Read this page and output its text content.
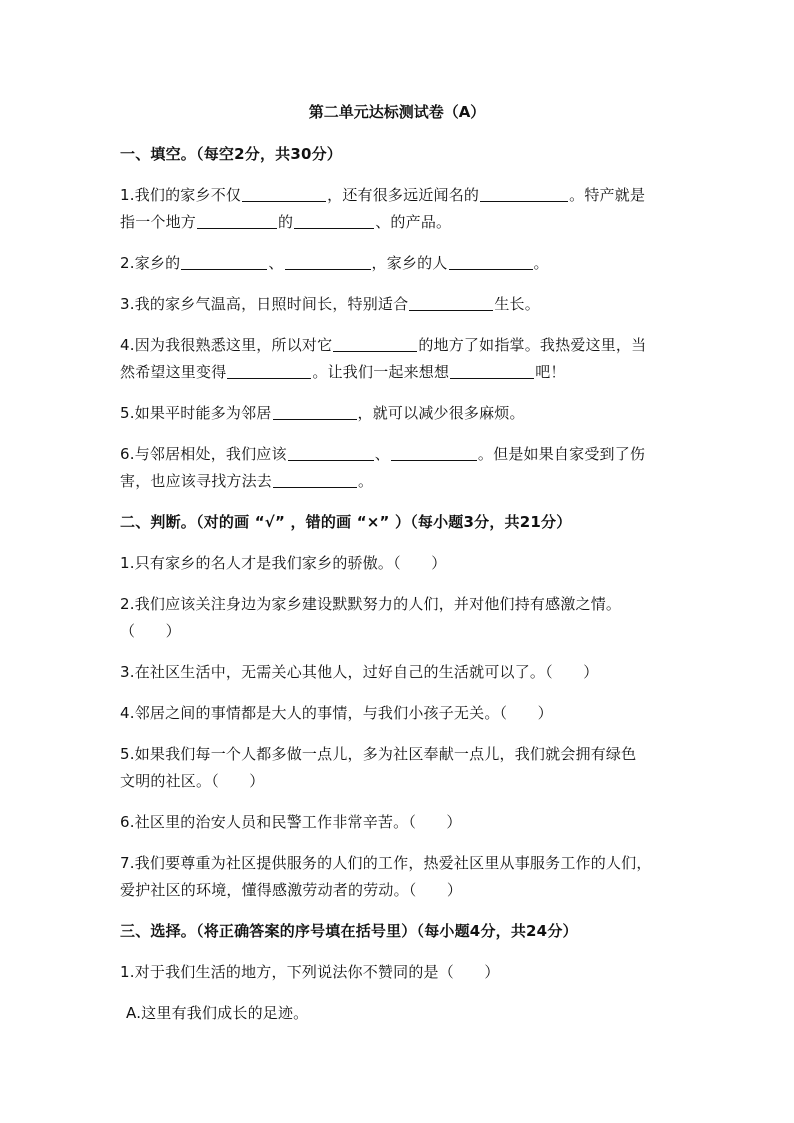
第二单元达标测试卷（A）
一、填空。（每空2分，共30分）
1.我们的家乡不仅	，还有很多远近闻名的	。特产就是
指一个地方	的	、的产品。
2.家乡的	、	，家乡的人	。
3.我的家乡气温高，日照时间长，特别适合	生长。
4.因为我很熟悉这里，所以对它	的地方了如指掌。我热爱这里，当
然希望这里变得	。让我们一起来想想	吧！
5.如果平时能多为邻居	，就可以减少很多麻烦。
6.与邻居相处，我们应该	、	。但是如果自家受到了伤
害，也应该寻找方法去	。
二、判断。（对的画 “√” ，错的画 “×” ）（每小题3分，共21分）
1.只有家乡的名人才是我们家乡的骄傲。（　　）
2.我们应该关注身边为家乡建设默默努力的人们，并对他们持有感激之情。
（　　）
3.在社区生活中，无需关心其他人，过好自己的生活就可以了。（　　）
4.邻居之间的事情都是大人的事情，与我们小孩子无关。（　　）
5.如果我们每一个人都多做一点儿，多为社区奉献一点儿，我们就会拥有绿色
文明的社区。（　　）
6.社区里的治安人员和民警工作非常辛苦。（　　）
7.我们要尊重为社区提供服务的人们的工作，热爱社区里从事服务工作的人们，
爱护社区的环境，懂得感激劳动者的劳动。（　　）
三、选择。（将正确答案的序号填在括号里）（每小题4分，共24分）
1.对于我们生活的地方，下列说法你不赞同的是（　　）
A.这里有我们成长的足迹。
